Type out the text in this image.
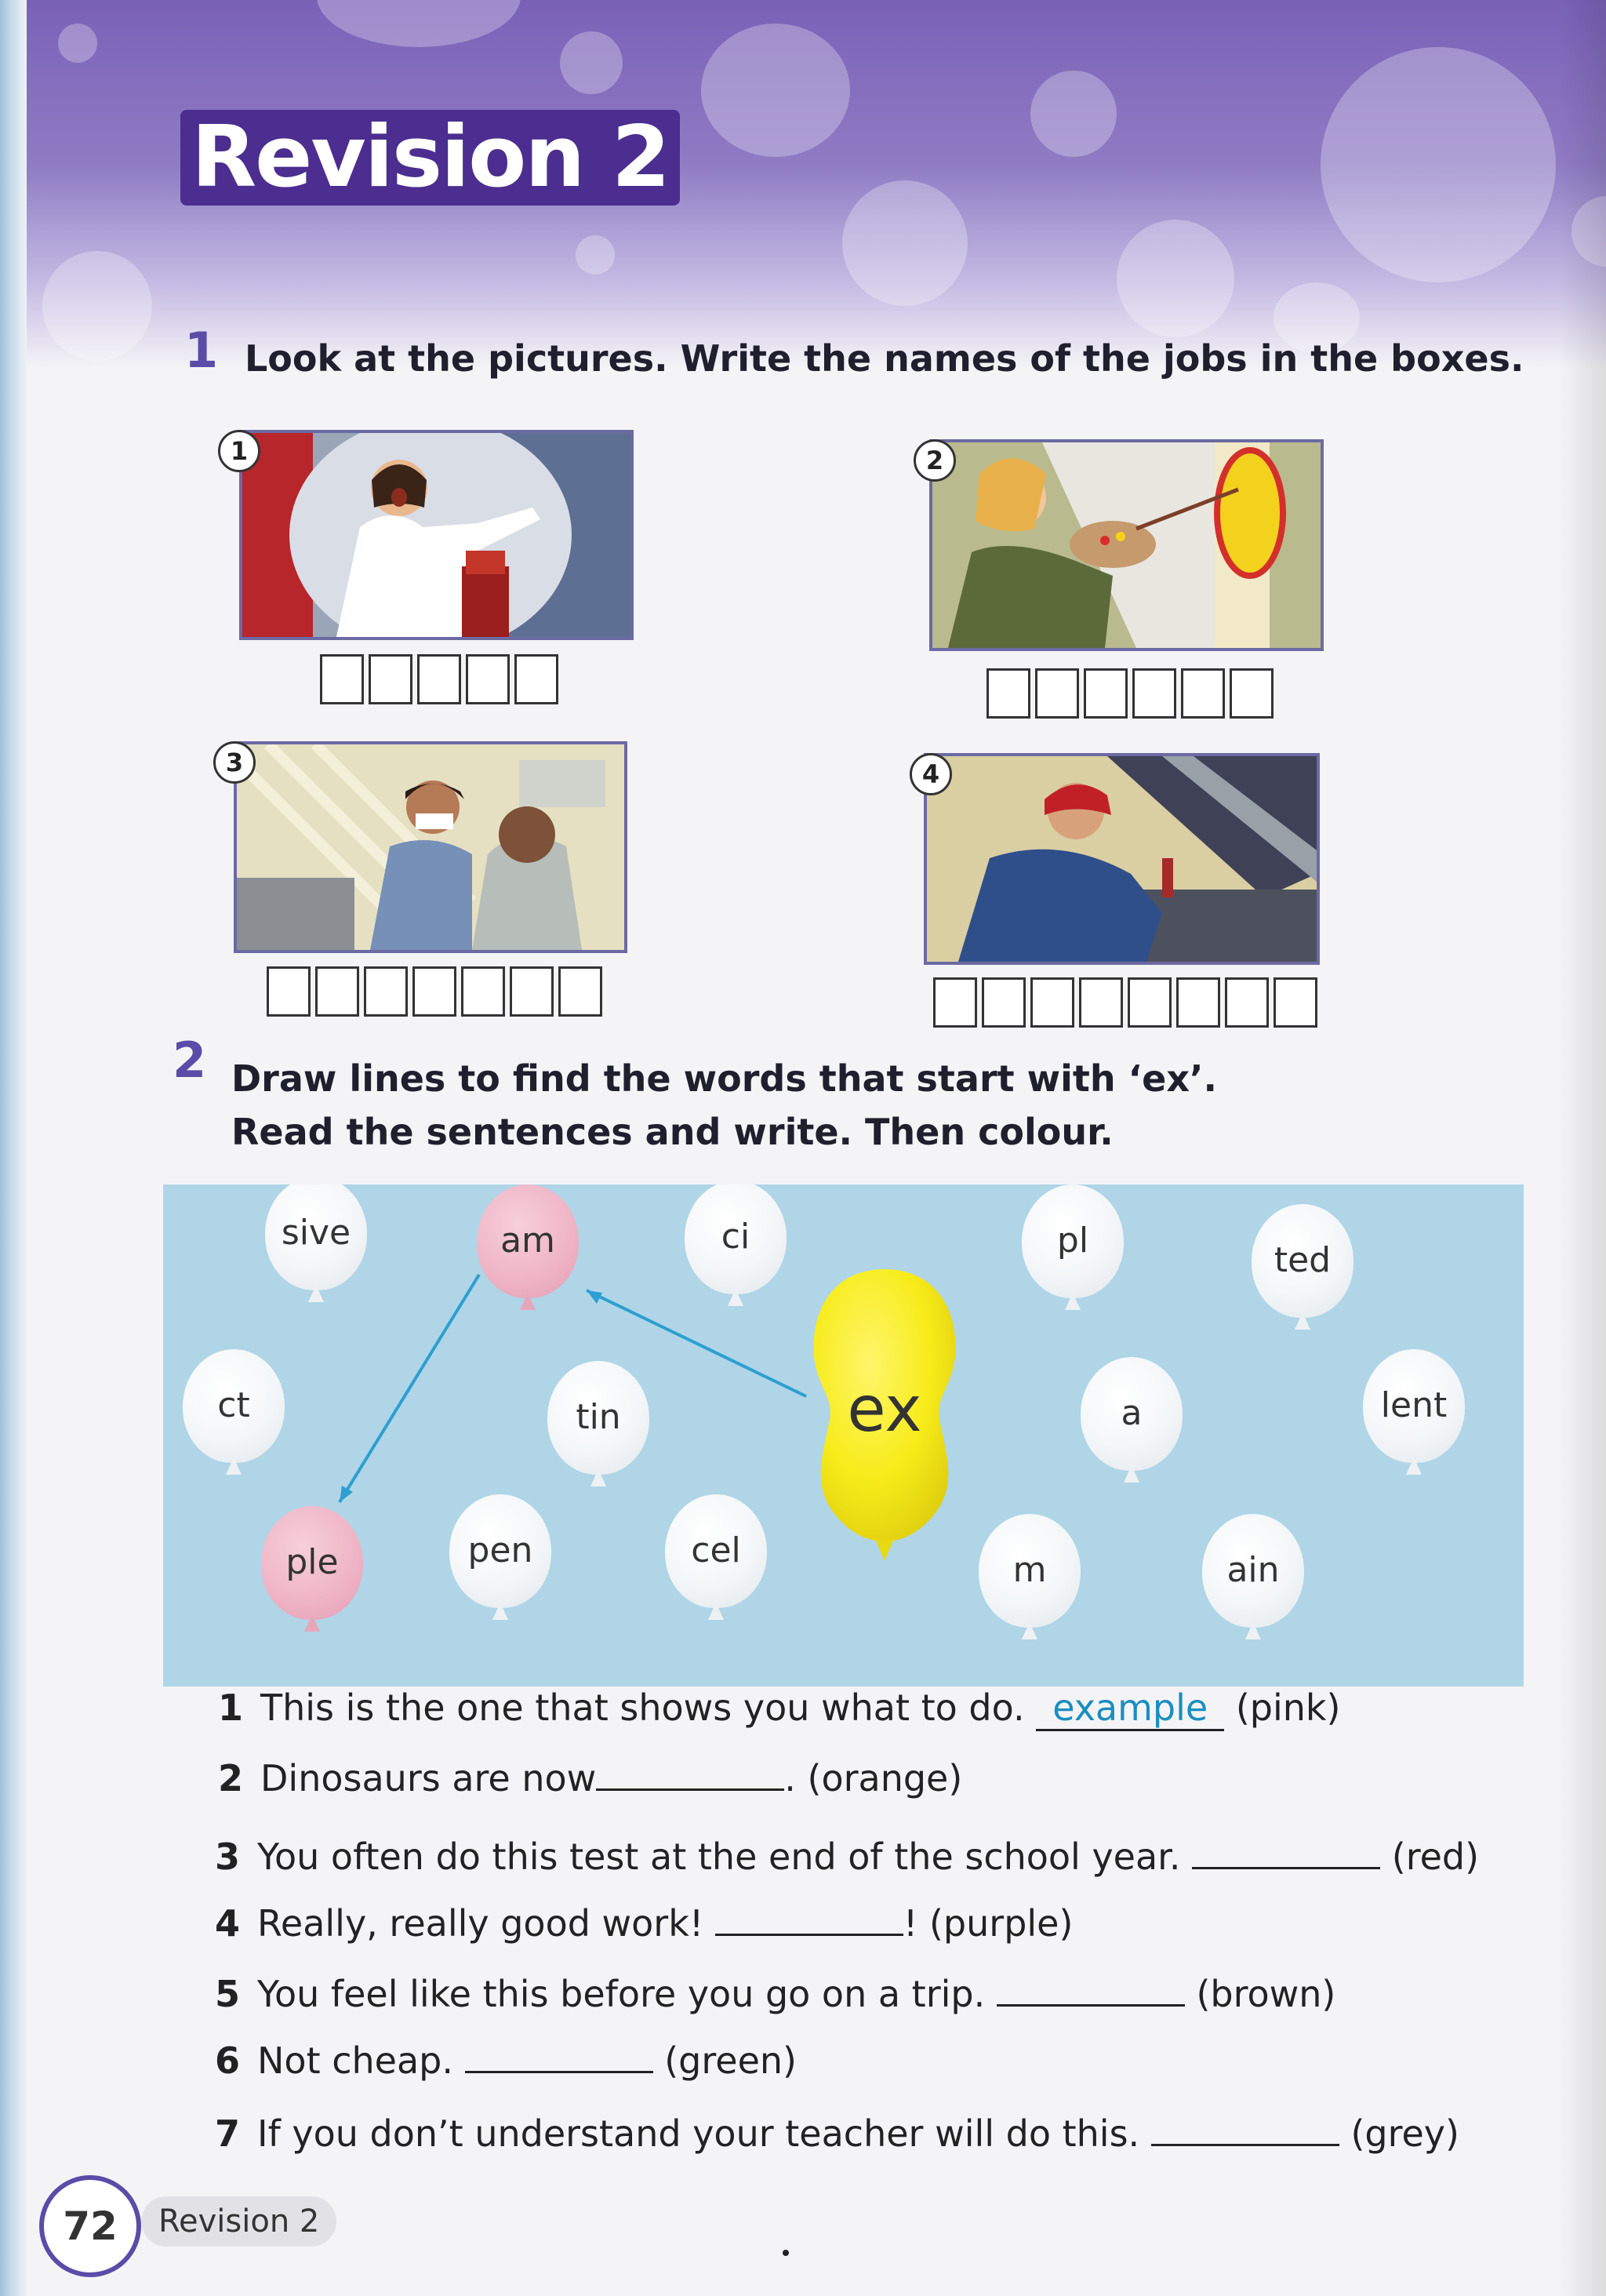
Revision 2
1 Look at the pictures. Write the names of the jobs in the boxes.
1	2
3	4
2 Draw lines to find the words that start with ‘ex’.
Read the sentences and write. Then colour.
sive	am	ci	pl	ted
ct	tin	a	lent
ple	pen	cel	m	ain
ex
1 This is the one that shows you what to do. example (pink)
2 Dinosaurs are now	. (orange)
3 You often do this test at the end of the school year.	(red)
4 Really, really good work!	! (purple)
5 You feel like this before you go on a trip.	(brown)
6 Not cheap.	(green)
7 If you don’t understand your teacher will do this.	(grey)
72	Revision 2
